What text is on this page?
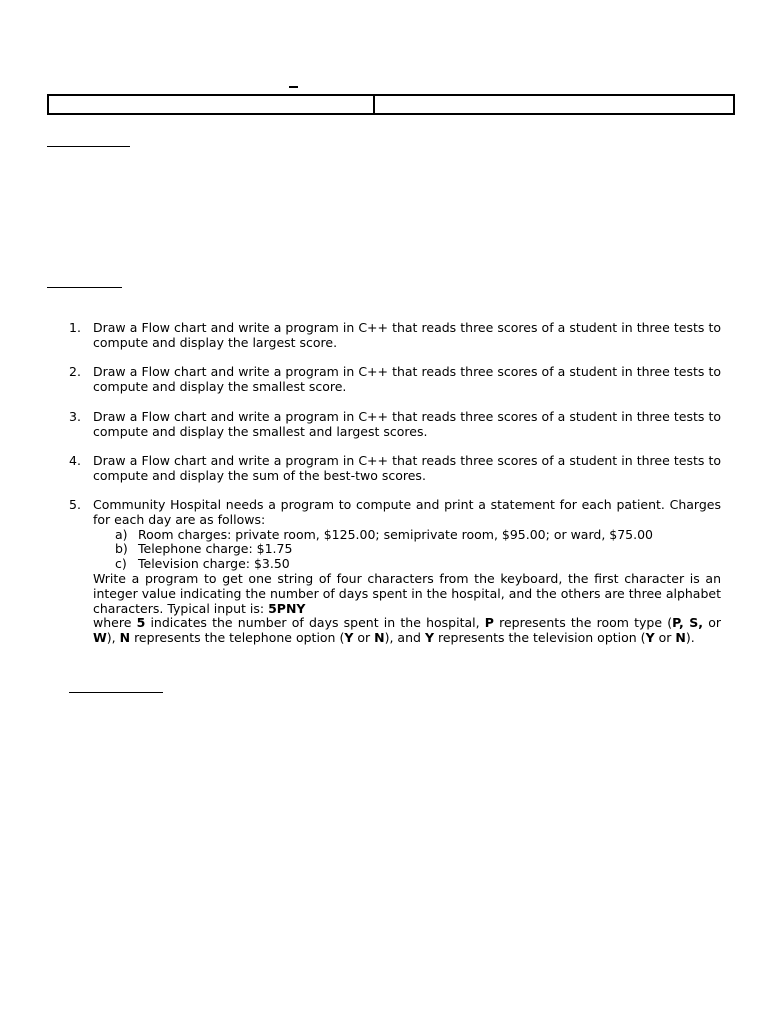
1. Draw a Flow chart and write a program in C++ that reads three scores of a student in three tests to compute and display the largest score.
2. Draw a Flow chart and write a program in C++ that reads three scores of a student in three tests to compute and display the smallest score.
3. Draw a Flow chart and write a program in C++ that reads three scores of a student in three tests to compute and display the smallest and largest scores.
4. Draw a Flow chart and write a program in C++ that reads three scores of a student in three tests to compute and display the sum of the best-two scores.
5. Community Hospital needs a program to compute and print a statement for each patient. Charges for each day are as follows:
a) Room charges: private room, $125.00; semiprivate room, $95.00; or ward, $75.00
b) Telephone charge: $1.75
c) Television charge: $3.50
Write a program to get one string of four characters from the keyboard, the first character is an integer value indicating the number of days spent in the hospital, and the others are three alphabet characters. Typical input is: 5PNY
where 5 indicates the number of days spent in the hospital, P represents the room type (P, S, or W), N represents the telephone option (Y or N), and Y represents the television option (Y or N).
